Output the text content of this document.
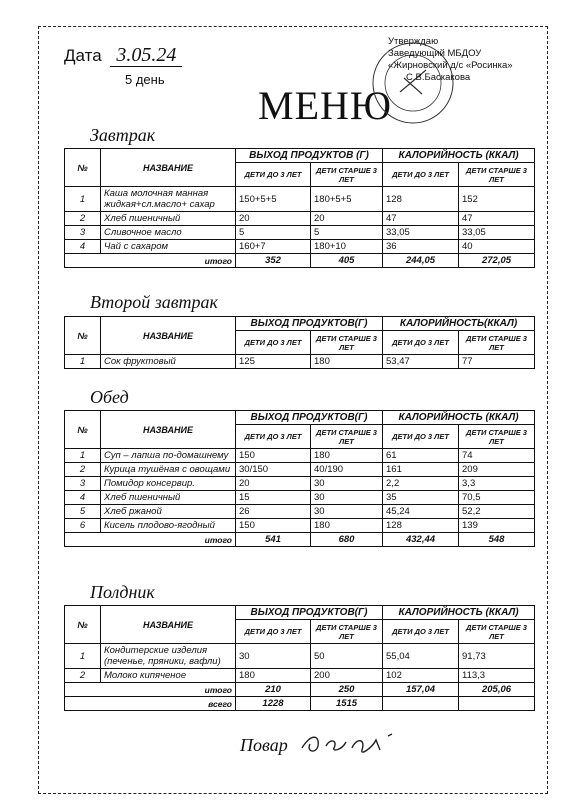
Дата 3.05.24
5 день
МЕНЮ
Утверждаю
Заведующий МБДОУ
«Жирновский д/с «Росинка»
С.В.Баскакова
Завтрак
№	НАЗВАНИЕ	ВЫХОД ПРОДУКТОВ (Г)		КАЛОРИЙНОСТЬ (ККАЛ)	
		ДЕТИ ДО 3 ЛЕТ	ДЕТИ СТАРШЕ 3 ЛЕТ	ДЕТИ ДО 3 ЛЕТ	ДЕТИ СТАРШЕ 3 ЛЕТ
1	Каша молочная манная жидкая+сл.масло+ сахар	150+5+5	180+5+5	128	152
2	Хлеб пшеничный	20	20	47	47
3	Сливочное масло	5	5	33,05	33,05
4	Чай с сахаром	160+7	180+10	36	40
итого		352	405	244,05	272,05
Второй завтрак
№	НАЗВАНИЕ	ВЫХОД ПРОДУКТОВ(Г)		КАЛОРИЙНОСТЬ(ККАЛ)	
		ДЕТИ ДО 3 ЛЕТ	ДЕТИ СТАРШЕ 3 ЛЕТ	ДЕТИ ДО 3 ЛЕТ	ДЕТИ СТАРШЕ 3 ЛЕТ
1	Сок фруктовый	125	180	53,47	77
Обед
№	НАЗВАНИЕ	ВЫХОД ПРОДУКТОВ(Г)		КАЛОРИЙНОСТЬ (ККАЛ)	
		ДЕТИ ДО 3 ЛЕТ	ДЕТИ СТАРШЕ 3 ЛЕТ	ДЕТИ ДО 3 ЛЕТ	ДЕТИ СТАРШЕ 3 ЛЕТ
1	Суп – лапша по-домашнему	150	180	61	74
2	Курица тушёная с овощами	30/150	40/190	161	209
3	Помидор консервир.	20	30	2,2	3,3
4	Хлеб пшеничный	15	30	35	70,5
5	Хлеб ржаной	26	30	45,24	52,2
6	Кисель плодово-ягодный	150	180	128	139
итого		541	680	432,44	548
Полдник
№	НАЗВАНИЕ	ВЫХОД ПРОДУКТОВ(Г)		КАЛОРИЙНОСТЬ (ККАЛ)	
		ДЕТИ ДО 3 ЛЕТ	ДЕТИ СТАРШЕ 3 ЛЕТ	ДЕТИ ДО 3 ЛЕТ	ДЕТИ СТАРШЕ 3 ЛЕТ
1	Кондитерские изделия (печенье, пряники, вафли)	30	50	55,04	91,73
2	Молоко кипяченое	180	200	102	113,3
итого		210	250	157,04	205,06
всего		1228	1515		
Повар
